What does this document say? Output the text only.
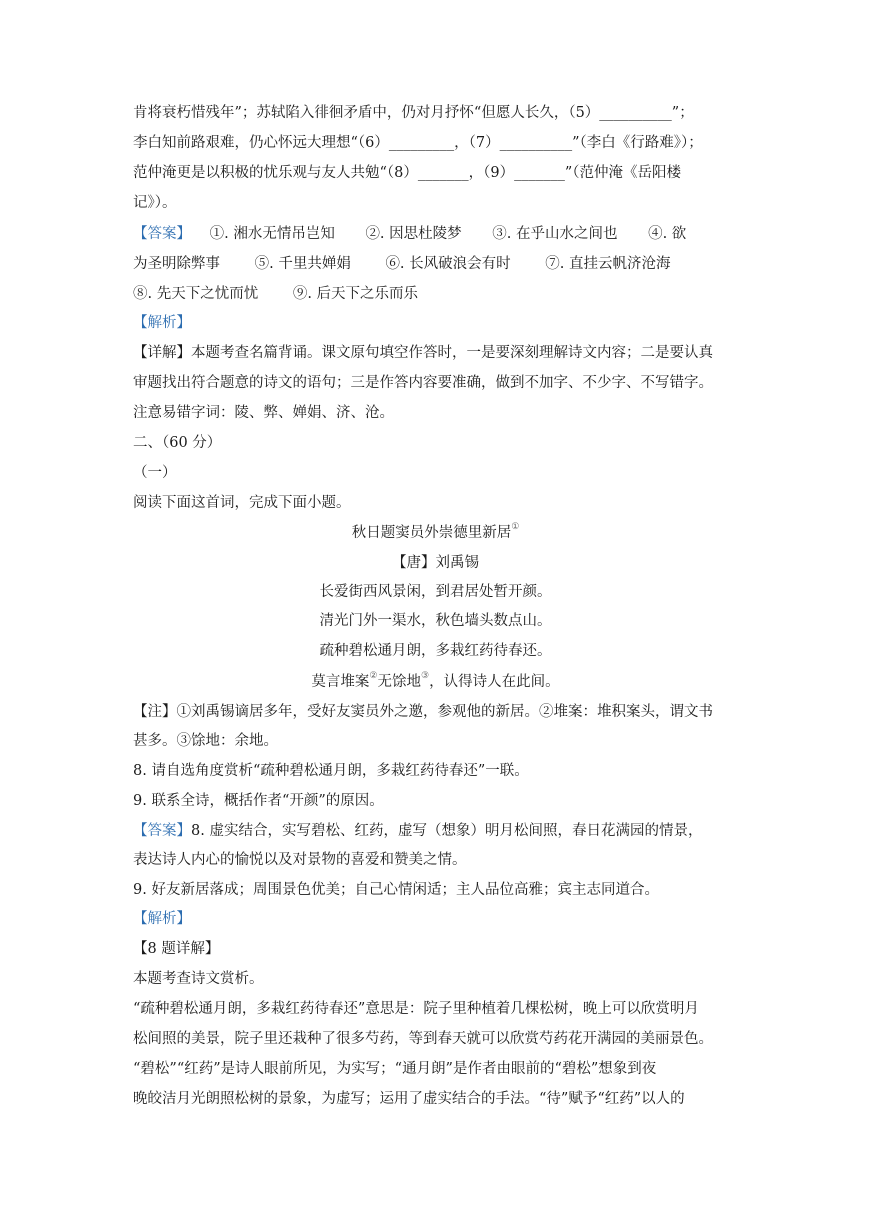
肯将衰朽惜残年”；苏轼陷入徘徊矛盾中，仍对月抒怀“但愿人长久，（5）__________”；
李白知前路艰难，仍心怀远大理想“（6）_________，（7）__________”（李白《行路难》）；
范仲淹更是以积极的忧乐观与友人共勉“（8）_______，（9）_______”（范仲淹《岳阳楼
记》）。
【答案】 ①. 湘水无情吊岂知 ②. 因思杜陵梦 ③. 在乎山水之间也 ④. 欲
为圣明除弊事 ⑤. 千里共婵娟 ⑥. 长风破浪会有时 ⑦. 直挂云帆济沧海
⑧. 先天下之忧而忧 ⑨. 后天下之乐而乐
【解析】
【详解】本题考查名篇背诵。课文原句填空作答时，一是要深刻理解诗文内容；二是要认真
审题找出符合题意的诗文的语句；三是作答内容要准确，做到不加字、不少字、不写错字。
注意易错字词：陵、弊、婵娟、济、沧。
二、（60 分）
（一）
阅读下面这首词，完成下面小题。
秋日题窦员外崇德里新居①
【唐】刘禹锡
长爱街西风景闲，到君居处暂开颜。
清光门外一渠水，秋色墙头数点山。
疏种碧松通月朗，多栽红药待春还。
莫言堆案②无馀地③，认得诗人在此间。
【注】①刘禹锡谪居多年，受好友窦员外之邀，参观他的新居。②堆案：堆积案头，谓文书
甚多。③馀地：余地。
8. 请自选角度赏析“疏种碧松通月朗，多栽红药待春还”一联。
9. 联系全诗，概括作者“开颜”的原因。
【答案】8. 虚实结合，实写碧松、红药，虚写（想象）明月松间照，春日花满园的情景，
表达诗人内心的愉悦以及对景物的喜爱和赞美之情。
9. 好友新居落成；周围景色优美；自己心情闲适；主人品位高雅；宾主志同道合。
【解析】
【8 题详解】
本题考查诗文赏析。
“疏种碧松通月朗，多栽红药待春还”意思是：院子里种植着几棵松树，晚上可以欣赏明月
松间照的美景，院子里还栽种了很多芍药，等到春天就可以欣赏芍药花开满园的美丽景色。
“碧松”“红药”是诗人眼前所见，为实写；“通月朗”是作者由眼前的“碧松”想象到夜
晚皎洁月光朗照松树的景象，为虚写；运用了虚实结合的手法。“待”赋予“红药”以人的
